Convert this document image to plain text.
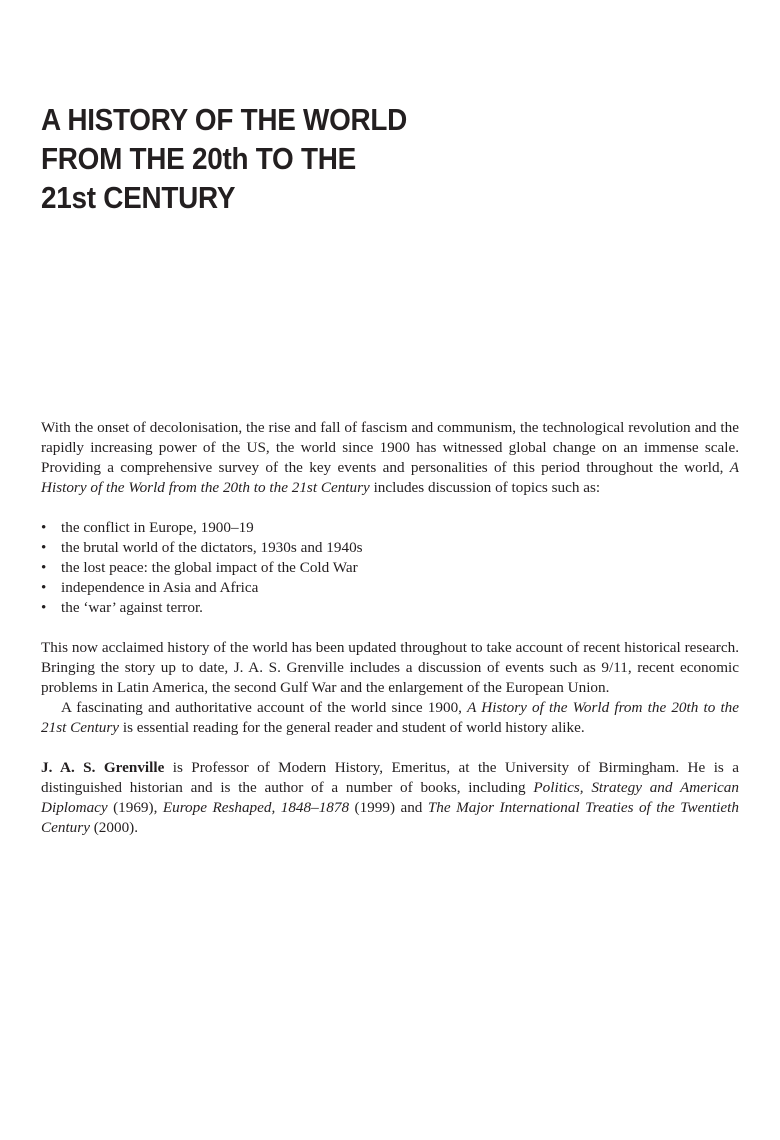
A HISTORY OF THE WORLD
FROM THE 20th TO THE
21st CENTURY

With the onset of decolonisation, the rise and fall of fascism and communism, the technological revolution and the rapidly increasing power of the US, the world since 1900 has witnessed global change on an immense scale. Providing a comprehensive survey of the key events and personalities of this period throughout the world, A History of the World from the 20th to the 21st Century includes discussion of topics such as:

• the conflict in Europe, 1900–19
• the brutal world of the dictators, 1930s and 1940s
• the lost peace: the global impact of the Cold War
• independence in Asia and Africa
• the ‘war’ against terror.

This now acclaimed history of the world has been updated throughout to take account of recent historical research. Bringing the story up to date, J. A. S. Grenville includes a discussion of events such as 9/11, recent economic problems in Latin America, the second Gulf War and the enlargement of the European Union.

A fascinating and authoritative account of the world since 1900, A History of the World from the 20th to the 21st Century is essential reading for the general reader and student of world history alike.

J. A. S. Grenville is Professor of Modern History, Emeritus, at the University of Birmingham. He is a distinguished historian and is the author of a number of books, including Politics, Strategy and American Diplomacy (1969), Europe Reshaped, 1848–1878 (1999) and The Major International Treaties of the Twentieth Century (2000).
